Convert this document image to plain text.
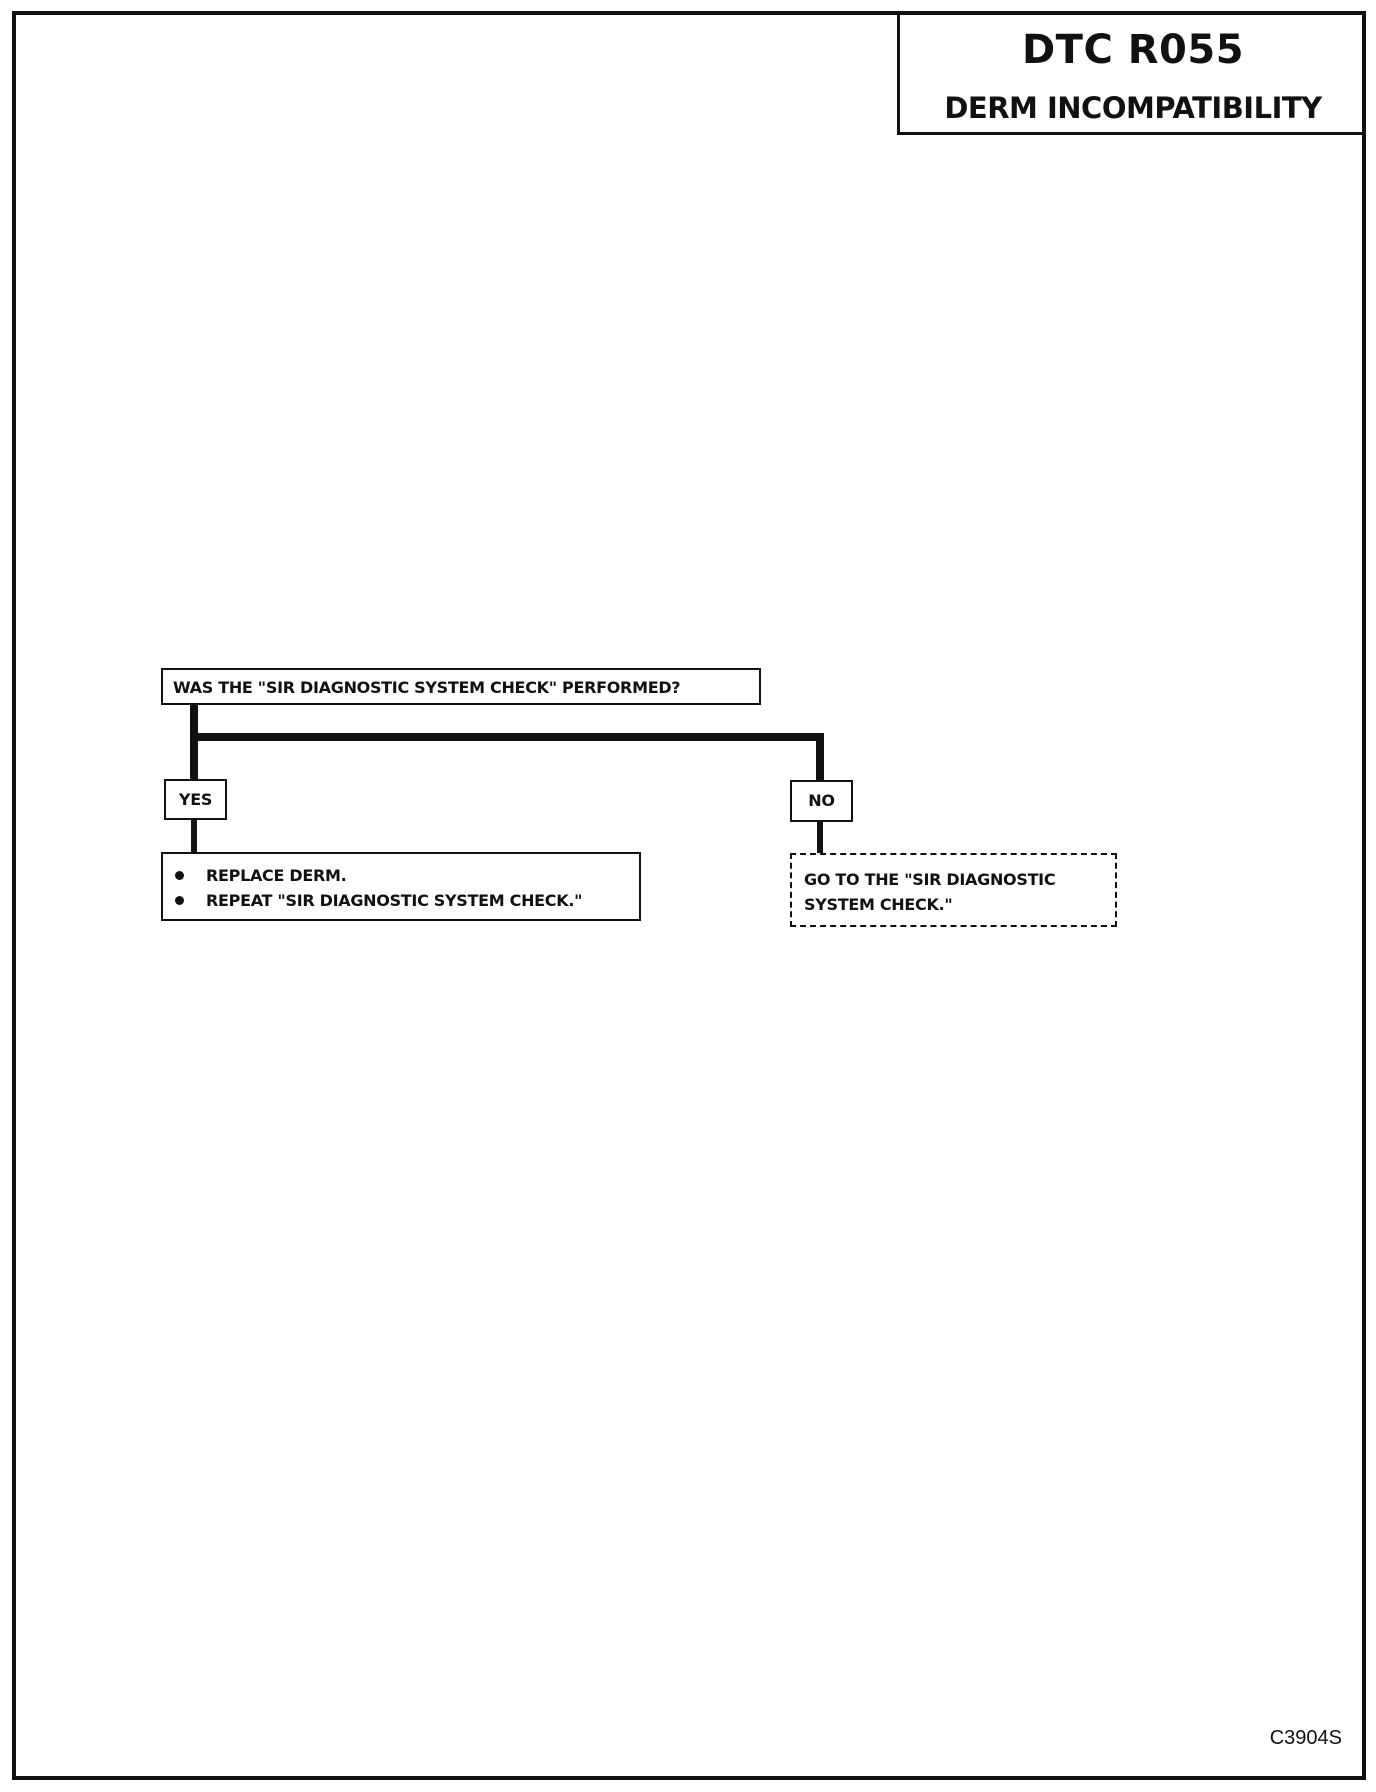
DTC R055
DERM INCOMPATIBILITY
WAS THE "SIR DIAGNOSTIC SYSTEM CHECK" PERFORMED?
YES	NO
REPLACE DERM.
REPEAT "SIR DIAGNOSTIC SYSTEM CHECK."
GO TO THE "SIR DIAGNOSTIC SYSTEM CHECK."
C3904S
